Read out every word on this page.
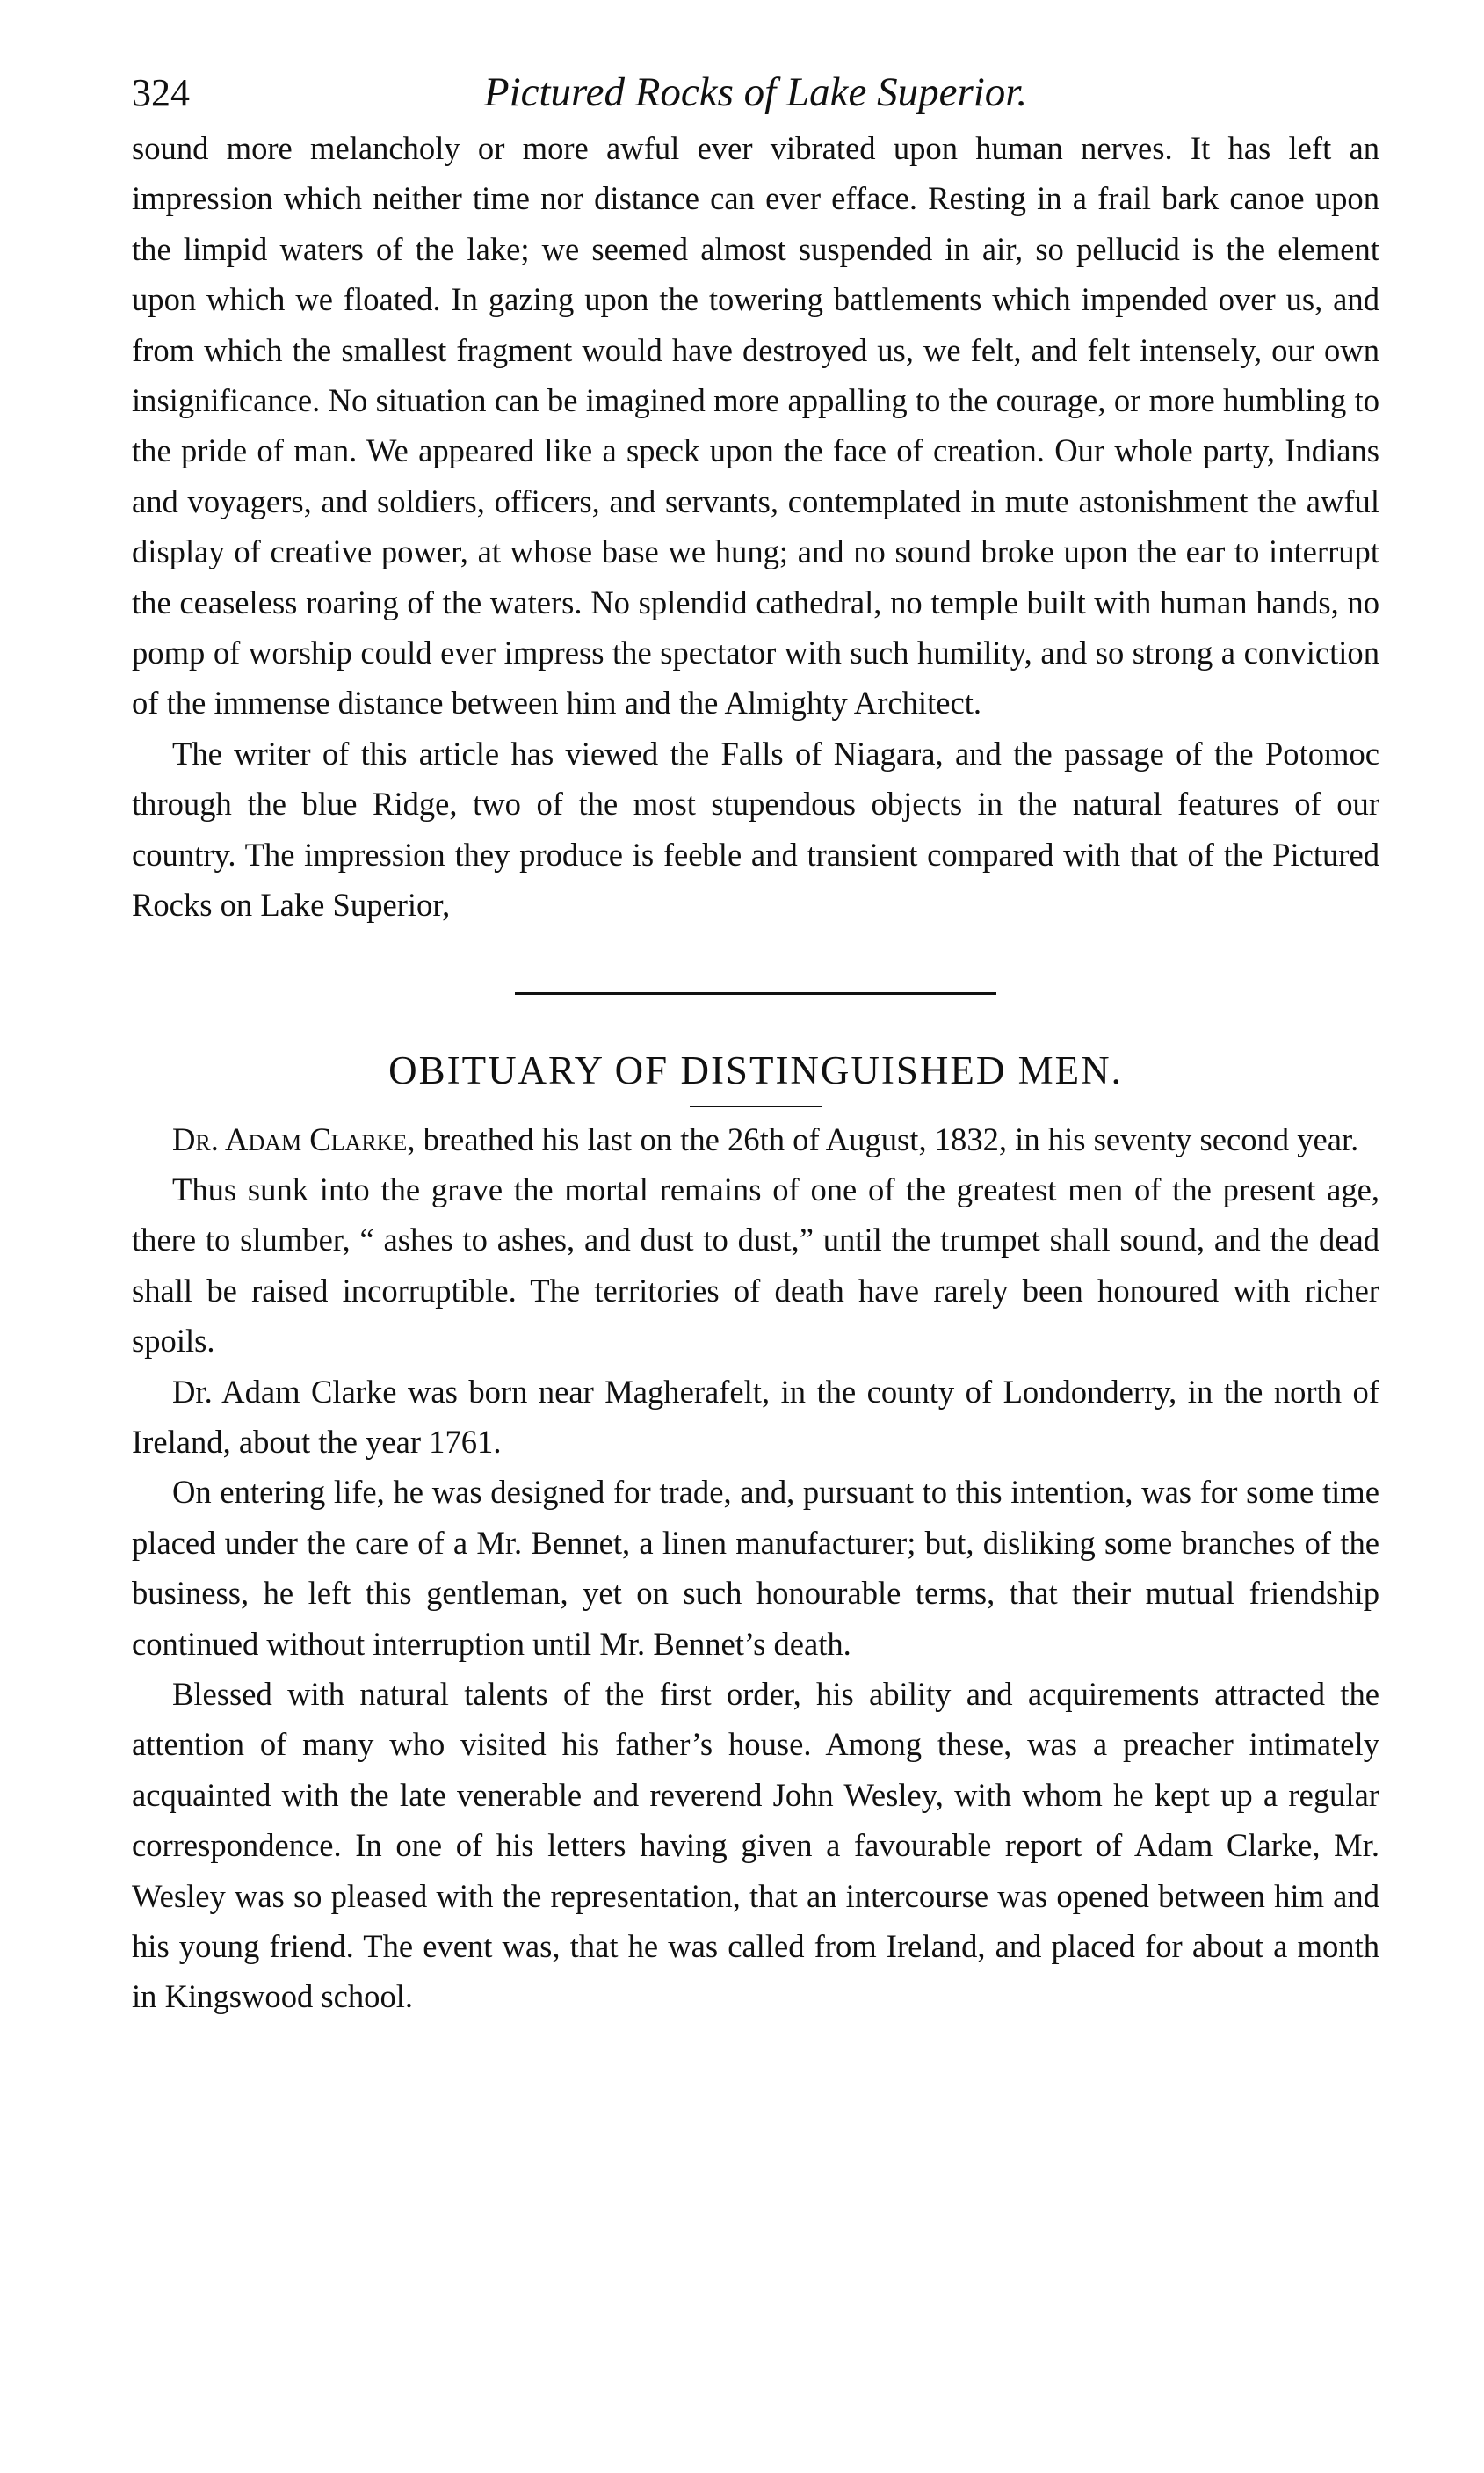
324	Pictured Rocks of Lake Superior.

sound more melancholy or more awful ever vibrated upon human nerves. It has left an impression which neither time nor distance can ever efface. Resting in a frail bark canoe upon the limpid waters of the lake; we seemed almost suspended in air, so pellucid is the element upon which we floated. In gazing upon the towering battlements which impended over us, and from which the smallest fragment would have destroyed us, we felt, and felt intensely, our own insignificance. No situation can be imagined more appalling to the courage, or more humbling to the pride of man. We appeared like a speck upon the face of creation. Our whole party, Indians and voyagers, and soldiers, officers, and servants, contemplated in mute astonishment the awful display of creative power, at whose base we hung; and no sound broke upon the ear to interrupt the ceaseless roaring of the waters. No splendid cathedral, no temple built with human hands, no pomp of worship could ever impress the spectator with such humility, and so strong a conviction of the immense distance between him and the Almighty Architect.

The writer of this article has viewed the Falls of Niagara, and the passage of the Potomoc through the blue Ridge, two of the most stupendous objects in the natural features of our country. The impression they produce is feeble and transient compared with that of the Pictured Rocks on Lake Superior,

OBITUARY OF DISTINGUISHED MEN.

Dr. Adam Clarke, breathed his last on the 26th of August, 1832, in his seventy second year.

Thus sunk into the grave the mortal remains of one of the greatest men of the present age, there to slumber, “ ashes to ashes, and dust to dust,” until the trumpet shall sound, and the dead shall be raised incorruptible. The territories of death have rarely been honoured with richer spoils.

Dr. Adam Clarke was born near Magherafelt, in the county of Londonderry, in the north of Ireland, about the year 1761.

On entering life, he was designed for trade, and, pursuant to this intention, was for some time placed under the care of a Mr. Bennet, a linen manufacturer; but, disliking some branches of the business, he left this gentleman, yet on such honourable terms, that their mutual friendship continued without interruption until Mr. Bennet’s death.

Blessed with natural talents of the first order, his ability and acquirements attracted the attention of many who visited his father’s house. Among these, was a preacher intimately acquainted with the late venerable and reverend John Wesley, with whom he kept up a regular correspondence. In one of his letters having given a favourable report of Adam Clarke, Mr. Wesley was so pleased with the representation, that an intercourse was opened between him and his young friend. The event was, that he was called from Ireland, and placed for about a month in Kingswood school.
